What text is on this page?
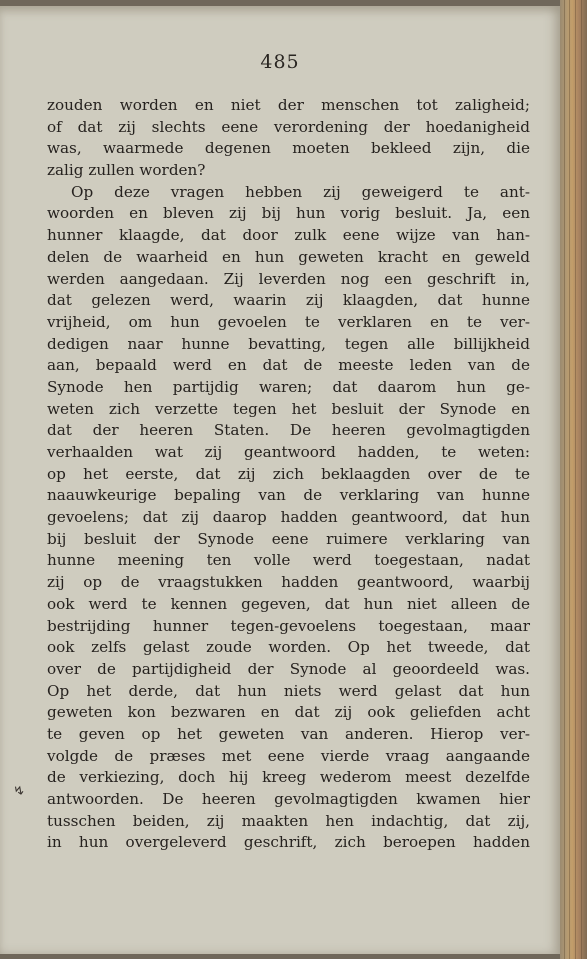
485
zouden worden en niet der menschen tot zaligheid;
of dat zij slechts eene verordening der hoedanigheid
was, waarmede degenen moeten bekleed zijn, die
zalig zullen worden?
Op deze vragen hebben zij geweigerd te ant-
woorden en bleven zij bij hun vorig besluit. Ja, een
hunner klaagde, dat door zulk eene wijze van han-
delen de waarheid en hun geweten kracht en geweld
werden aangedaan. Zij leverden nog een geschrift in,
dat gelezen werd, waarin zij klaagden, dat hunne
vrijheid, om hun gevoelen te verklaren en te ver-
dedigen naar hunne bevatting, tegen alle billijkheid
aan, bepaald werd en dat de meeste leden van de
Synode hen partijdig waren; dat daarom hun ge-
weten zich verzette tegen het besluit der Synode en
dat der heeren Staten. De heeren gevolmagtigden
verhaalden wat zij geantwoord hadden, te weten:
op het eerste, dat zij zich beklaagden over de te
naauwkeurige bepaling van de verklaring van hunne
gevoelens; dat zij daarop hadden geantwoord, dat hun
bij besluit der Synode eene ruimere verklaring van
hunne meening ten volle werd toegestaan, nadat
zij op de vraagstukken hadden geantwoord, waarbij
ook werd te kennen gegeven, dat hun niet alleen de
bestrijding hunner tegen-gevoelens toegestaan, maar
ook zelfs gelast zoude worden. Op het tweede, dat
over de partijdigheid der Synode al geoordeeld was.
Op het derde, dat hun niets werd gelast dat hun
geweten kon bezwaren en dat zij ook geliefden acht
te geven op het geweten van anderen. Hierop ver-
volgde de præses met eene vierde vraag aangaande
de verkiezing, doch hij kreeg wederom meest dezelfde
antwoorden. De heeren gevolmagtigden kwamen hier
tusschen beiden, zij maakten hen indachtig, dat zij,
in hun overgeleverd geschrift, zich beroepen hadden
↯
